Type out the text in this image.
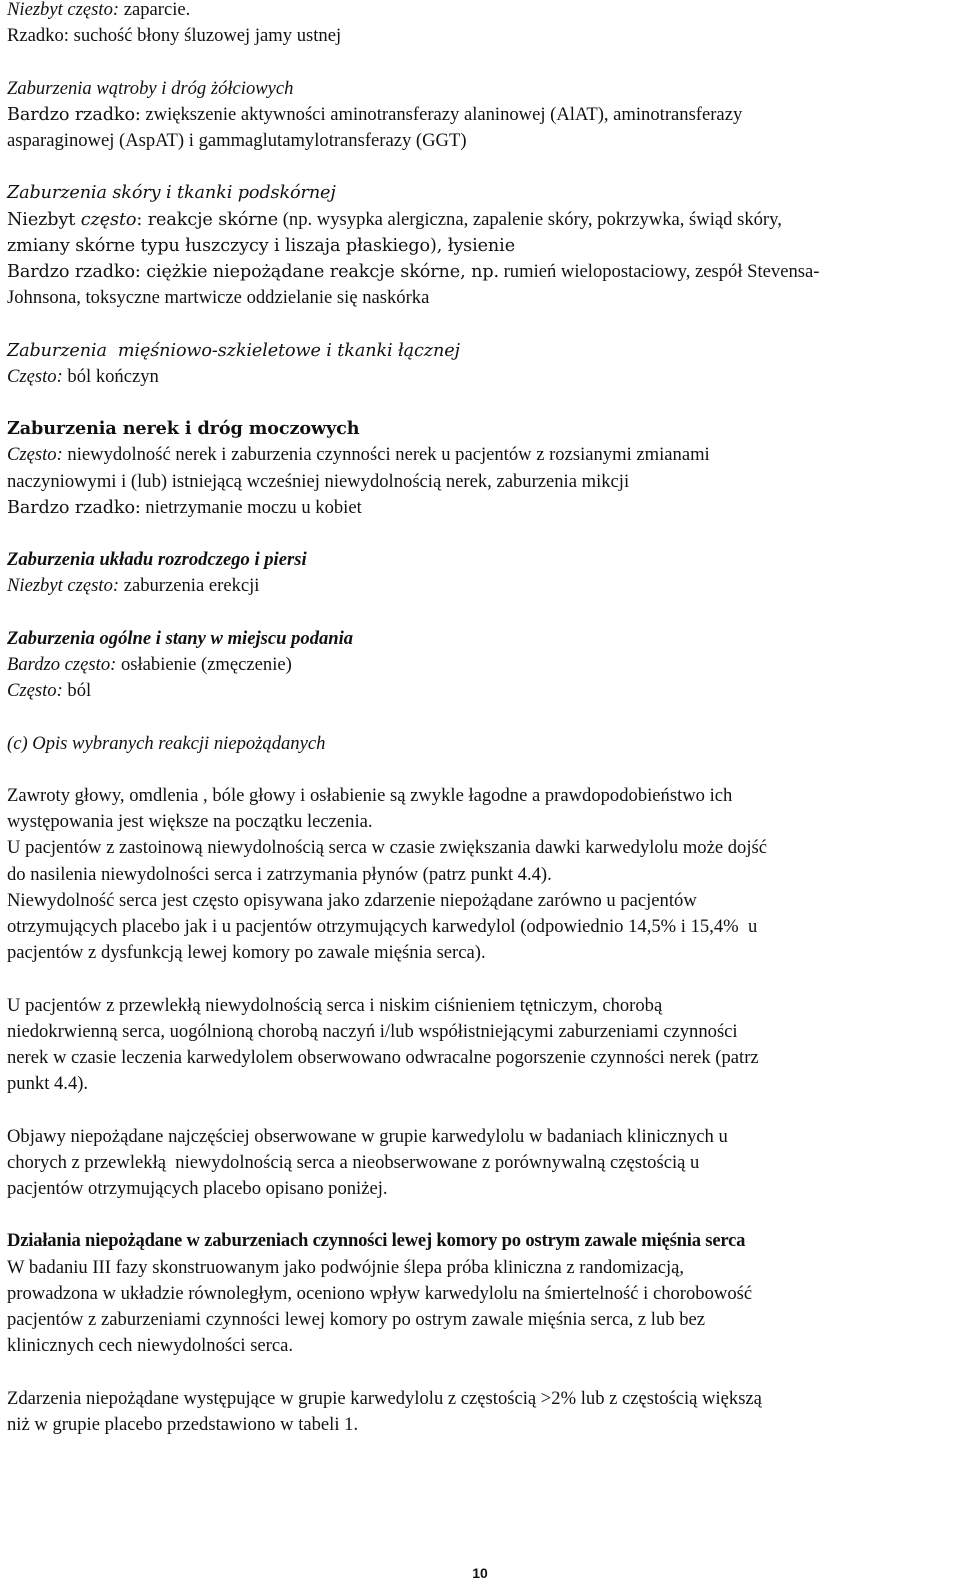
Niezbyt często: zaparcie.
Rzadko: suchość błony śluzowej jamy ustnej
Zaburzenia wątroby i dróg żółciowych
Bardzo rzadko: zwiększenie aktywności aminotransferazy alaninowej (AlAT), aminotransferazy
asparaginowej (AspAT) i gammaglutamylotransferazy (GGT)
Zaburzenia skóry i tkanki podskórnej
Niezbyt często: reakcje skórne (np. wysypka alergiczna, zapalenie skóry, pokrzywka, świąd skóry,
zmiany skórne typu łuszczycy i liszaja płaskiego), łysienie
Bardzo rzadko: ciężkie niepożądane reakcje skórne, np. rumień wielopostaciowy, zespół Stevensa-
Johnsona, toksyczne martwicze oddzielanie się naskórka
Zaburzenia  mięśniowo-szkieletowe i tkanki łącznej
Często: ból kończyn
Zaburzenia nerek i dróg moczowych
Często: niewydolność nerek i zaburzenia czynności nerek u pacjentów z rozsianymi zmianami
naczyniowymi i (lub) istniejącą wcześniej niewydolnością nerek, zaburzenia mikcji
Bardzo rzadko: nietrzymanie moczu u kobiet
Zaburzenia układu rozrodczego i piersi
Niezbyt często: zaburzenia erekcji
Zaburzenia ogólne i stany w miejscu podania
Bardzo często: osłabienie (zmęczenie)
Często: ból
(c) Opis wybranych reakcji niepożądanych
Zawroty głowy, omdlenia , bóle głowy i osłabienie są zwykle łagodne a prawdopodobieństwo ich
występowania jest większe na początku leczenia.
U pacjentów z zastoinową niewydolnością serca w czasie zwiększania dawki karwedylolu może dojść
do nasilenia niewydolności serca i zatrzymania płynów (patrz punkt 4.4).
Niewydolność serca jest często opisywana jako zdarzenie niepożądane zarówno u pacjentów
otrzymujących placebo jak i u pacjentów otrzymujących karwedylol (odpowiednio 14,5% i 15,4%  u
pacjentów z dysfunkcją lewej komory po zawale mięśnia serca).
U pacjentów z przewlekłą niewydolnością serca i niskim ciśnieniem tętniczym, chorobą
niedokrwienną serca, uogólnioną chorobą naczyń i/lub współistniejącymi zaburzeniami czynności
nerek w czasie leczenia karwedylolem obserwowano odwracalne pogorszenie czynności nerek (patrz
punkt 4.4).
Objawy niepożądane najczęściej obserwowane w grupie karwedylolu w badaniach klinicznych u
chorych z przewlekłą  niewydolnością serca a nieobserwowane z porównywalną częstością u
pacjentów otrzymujących placebo opisano poniżej.
Działania niepożądane w zaburzeniach czynności lewej komory po ostrym zawale mięśnia serca
W badaniu III fazy skonstruowanym jako podwójnie ślepa próba kliniczna z randomizacją,
prowadzona w układzie równoległym, oceniono wpływ karwedylolu na śmiertelność i chorobowość
pacjentów z zaburzeniami czynności lewej komory po ostrym zawale mięśnia serca, z lub bez
klinicznych cech niewydolności serca.
Zdarzenia niepożądane występujące w grupie karwedylolu z częstością >2% lub z częstością większą
niż w grupie placebo przedstawiono w tabeli 1.
10
